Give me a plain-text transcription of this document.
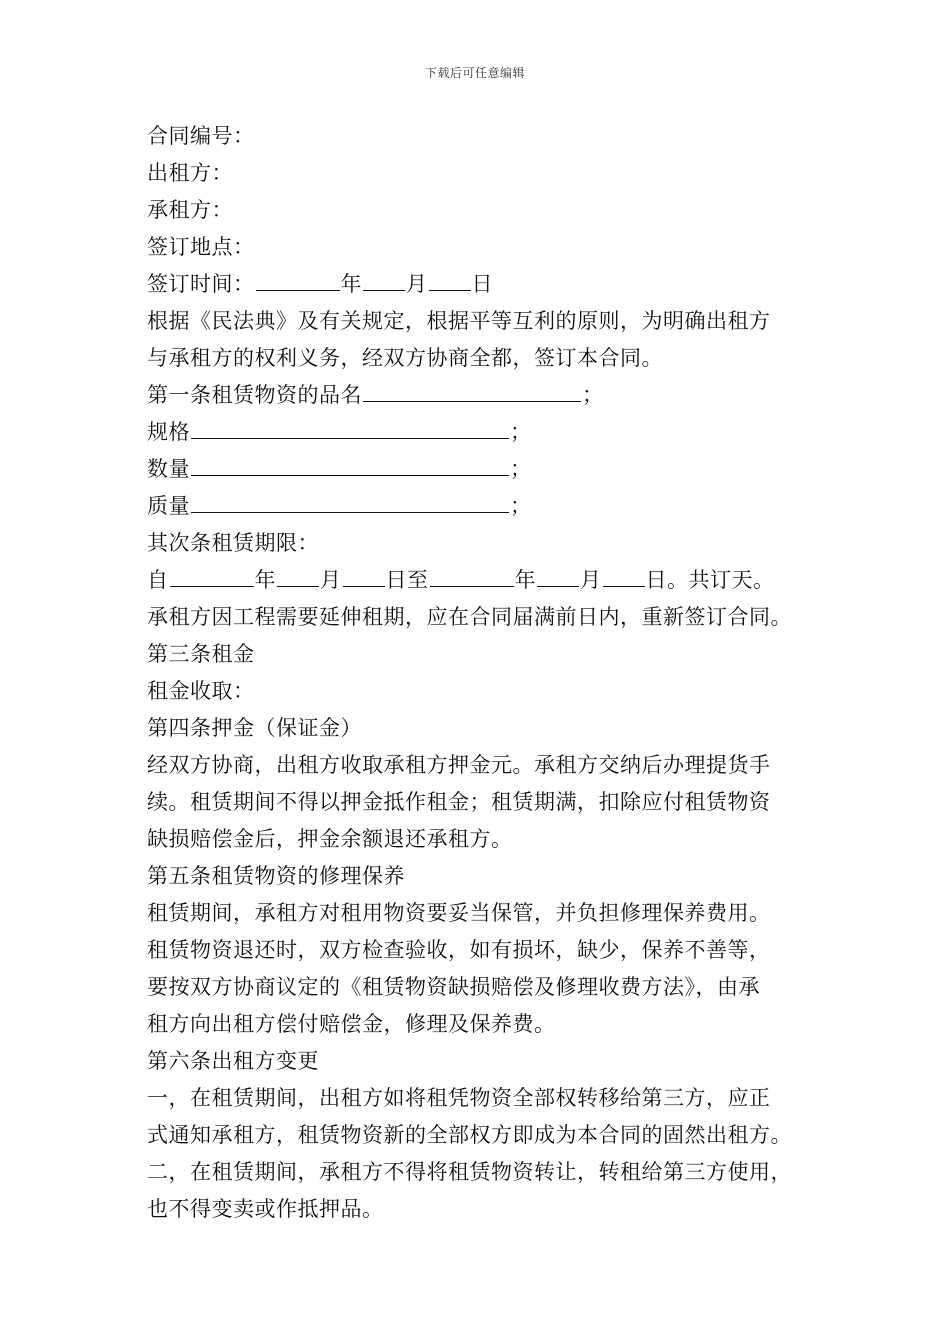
下载后可任意编辑
合同编号：
出租方：
承租方：
签订地点：
签订时间：	年 月 日
根据《民法典》及有关规定，根据平等互利的原则，为明确出租方
与承租方的权利义务，经双方协商全都，签订本合同。
第一条租赁物资的品名	；
规格	；
数量	；
质量	；
其次条租赁期限：
自	年 月 日至	年 月 日。共订天。
承租方因工程需要延伸租期，应在合同届满前日内，重新签订合同。
第三条租金
租金收取：
第四条押金（保证金）
经双方协商，出租方收取承租方押金元。承租方交纳后办理提货手
续。租赁期间不得以押金抵作租金；租赁期满，扣除应付租赁物资
缺损赔偿金后，押金余额退还承租方。
第五条租赁物资的修理保养
租赁期间，承租方对租用物资要妥当保管，并负担修理保养费用。
租赁物资退还时，双方检查验收，如有损坏，缺少，保养不善等，
要按双方协商议定的《租赁物资缺损赔偿及修理收费方法》，由承
租方向出租方偿付赔偿金，修理及保养费。
第六条出租方变更
一，在租赁期间，出租方如将租凭物资全部权转移给第三方，应正
式通知承租方，租赁物资新的全部权方即成为本合同的固然出租方。
二，在租赁期间，承租方不得将租赁物资转让，转租给第三方使用，
也不得变卖或作抵押品。
